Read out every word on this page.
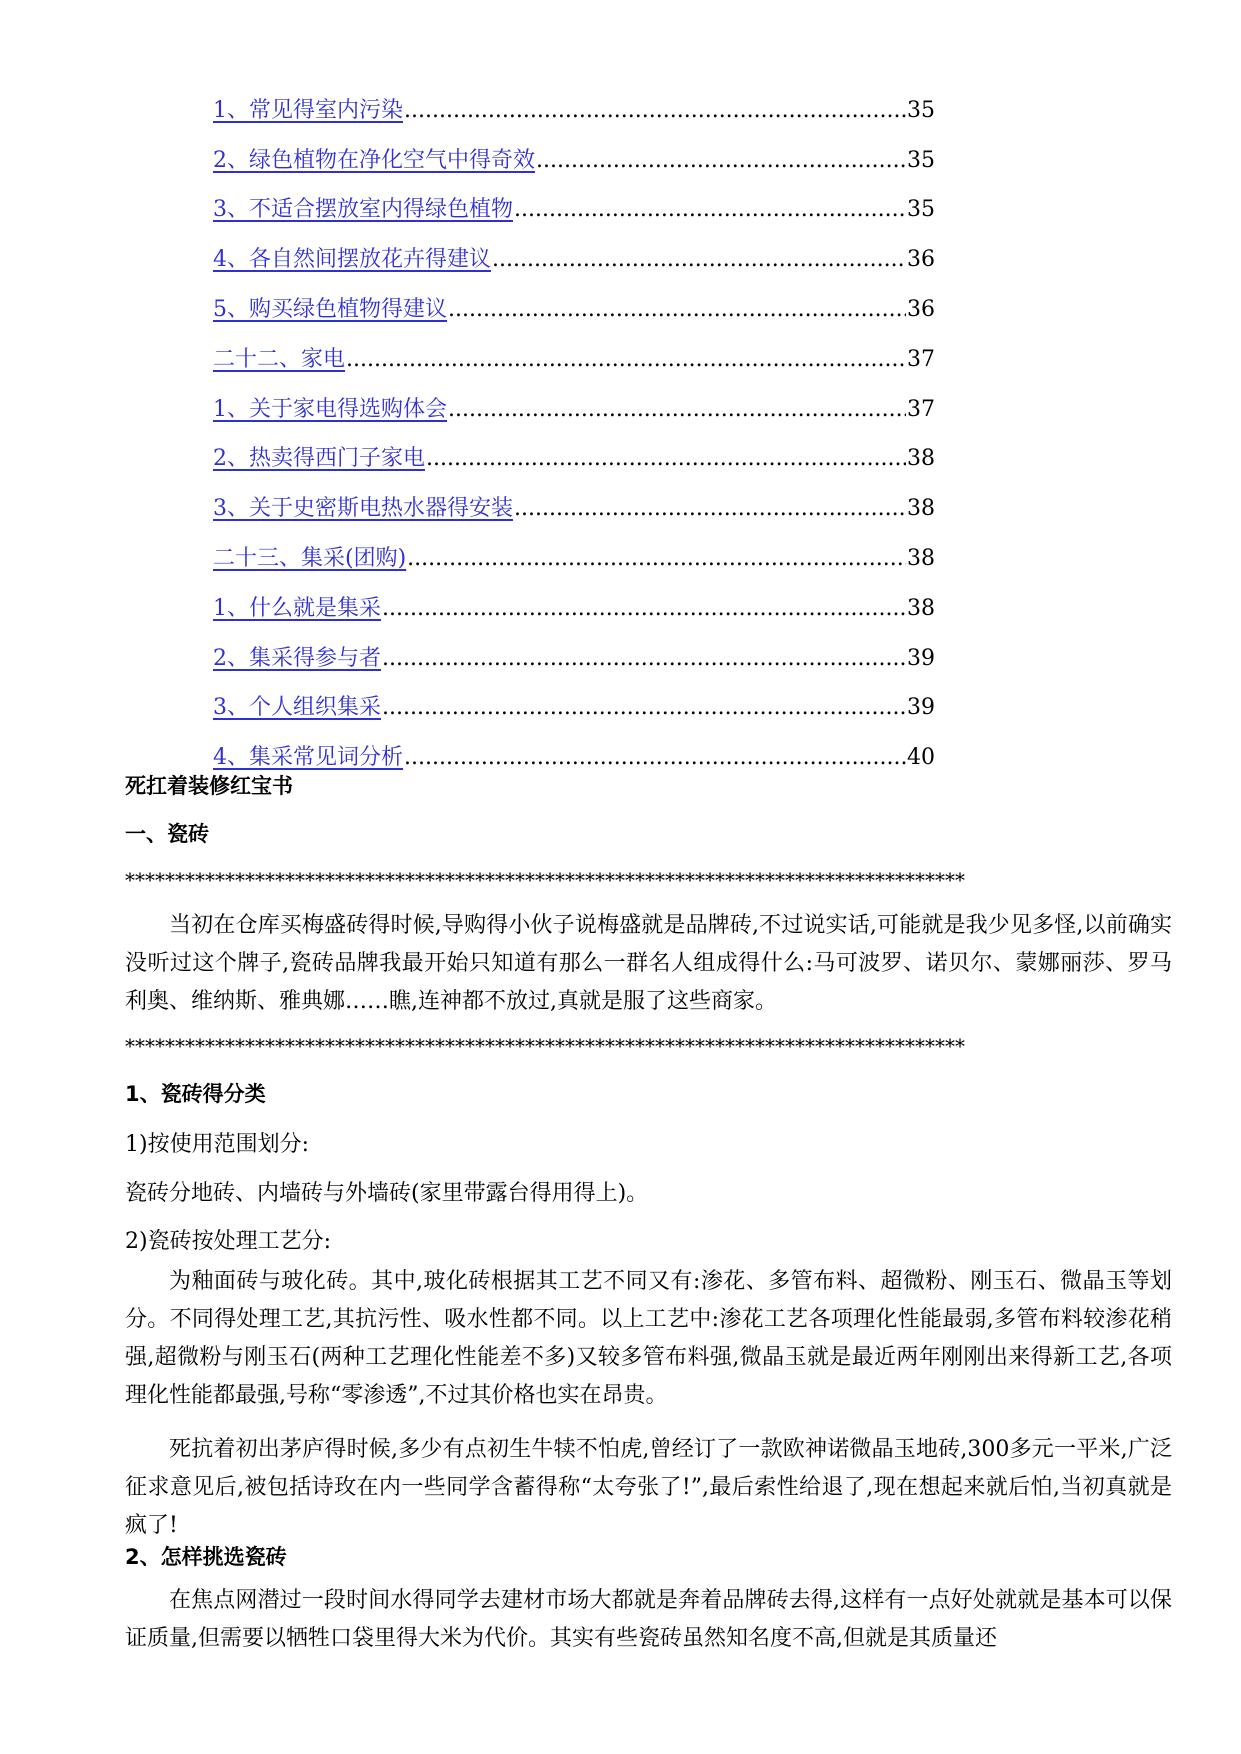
1、常见得室内污染 .....	35
2、绿色植物在净化空气中得奇效 .....	35
3、不适合摆放室内得绿色植物 .....	35
4、各自然间摆放花卉得建议 .....	36
5、购买绿色植物得建议 .....	36
二十二、家电 .....	37
1、关于家电得选购体会 .....	37
2、热卖得西门子家电 .....	38
3、关于史密斯电热水器得安装 .....	38
二十三、集采(团购) .....	38
1、什么就是集采 .....	38
2、集采得参与者 .....	39
3、个人组织集采 .....	39
4、集采常见词分析 .....	40
死扛着装修红宝书
一、瓷砖
************************************************************************************
当初在仓库买梅盛砖得时候,导购得小伙子说梅盛就是品牌砖,不过说实话,可能就是我少见多怪,以前确实没听过这个牌子,瓷砖品牌我最开始只知道有那么一群名人组成得什么:马可波罗、诺贝尔、蒙娜丽莎、罗马利奥、维纳斯、雅典娜……瞧,连神都不放过,真就是服了这些商家。
************************************************************************************
1、瓷砖得分类
1)按使用范围划分:
瓷砖分地砖、内墙砖与外墙砖(家里带露台得用得上)。
2)瓷砖按处理工艺分:
为釉面砖与玻化砖。其中,玻化砖根据其工艺不同又有:渗花、多管布料、超微粉、刚玉石、微晶玉等划分。不同得处理工艺,其抗污性、吸水性都不同。以上工艺中:渗花工艺各项理化性能最弱,多管布料较渗花稍强,超微粉与刚玉石(两种工艺理化性能差不多)又较多管布料强,微晶玉就是最近两年刚刚出来得新工艺,各项理化性能都最强,号称“零渗透”,不过其价格也实在昂贵。
死抗着初出茅庐得时候,多少有点初生牛犊不怕虎,曾经订了一款欧神诺微晶玉地砖,300多元一平米,广泛征求意见后,被包括诗玫在内一些同学含蓄得称“太夸张了!”,最后索性给退了,现在想起来就后怕,当初真就是疯了!
2、怎样挑选瓷砖
在焦点网潜过一段时间水得同学去建材市场大都就是奔着品牌砖去得,这样有一点好处就就是基本可以保证质量,但需要以牺牲口袋里得大米为代价。其实有些瓷砖虽然知名度不高,但就是其质量还
